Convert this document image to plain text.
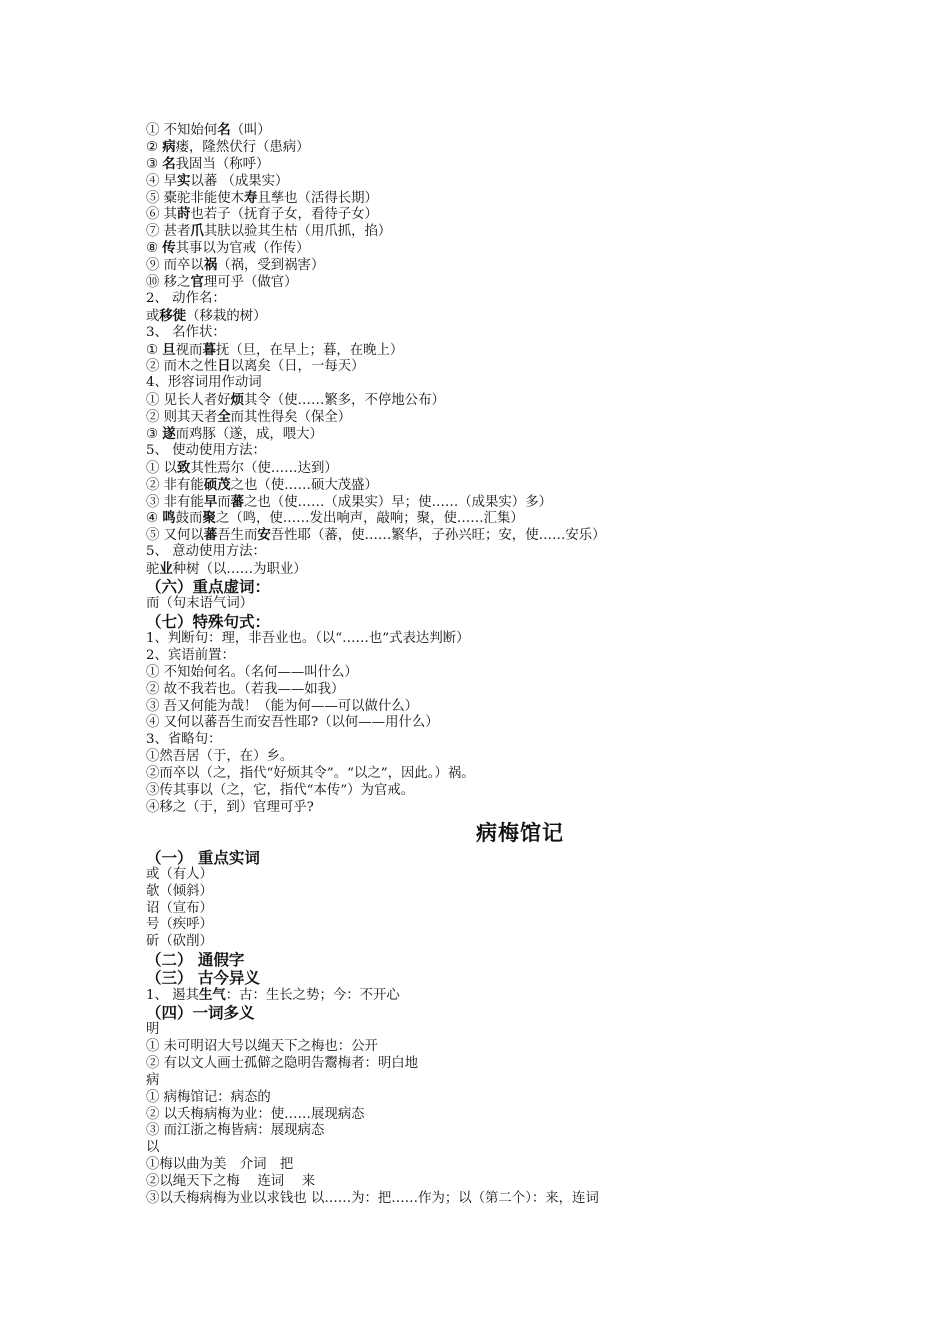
① 不知始何名（叫）
② 病瘘，隆然伏行（患病）
③ 名我固当（称呼）
④ 早实以蕃 （成果实）
⑤ 橐驼非能使木寿且孳也（活得长期）
⑥ 其莳也若子（抚育子女，看待子女）
⑦ 甚者爪其肤以验其生枯（用爪抓，掐）
⑧ 传其事以为官戒（作传）
⑨ 而卒以祸（祸，受到祸害）
⑩ 移之官理可乎（做官）
2、 动作名：
或移徙（移栽的树）
3、 名作状：
① 旦视而暮抚（旦，在早上；暮，在晚上）
② 而木之性日以离矣（日，一每天）
4、形容词用作动词
① 见长人者好烦其令（使……繁多，不停地公布）
② 则其天者全而其性得矣（保全）
③ 遂而鸡豚（遂，成，喂大）
5、 使动使用方法：
① 以致其性焉尔（使……达到）
② 非有能硕茂之也（使……硕大茂盛）
③ 非有能早而蕃之也（使……（成果实）早；使……（成果实）多）
④ 鸣鼓而聚之（鸣，使……发出响声，敲响；聚，使……汇集）
⑤ 又何以蕃吾生而安吾性耶（蕃，使……繁华，子孙兴旺；安，使……安乐）
5、 意动使用方法：
驼业种树（以……为职业）
（六）重点虚词：
而（句末语气词）
（七）特殊句式：
1、判断句：理，非吾业也。（以“……也”式表达判断）
2、宾语前置：
① 不知始何名。（名何——叫什么）
② 故不我若也。（若我——如我）
③ 吾又何能为哉！（能为何——可以做什么）
④ 又何以蕃吾生而安吾性耶?（以何——用什么）
3、省略句：
①然吾居（于，在）乡。
②而卒以（之，指代“好烦其令”。“以之”，因此。）祸。
③传其事以（之，它，指代“本传”）为官戒。
④移之（于，到）官理可乎?
病梅馆记
（一） 重点实词
或（有人）
欹（倾斜）
诏（宣布）
号（疾呼）
斫（砍削）
（二） 通假字
（三） 古今异义
1、 遏其生气：古：生长之势；今：不开心
（四）一词多义
明
① 未可明诏大号以绳天下之梅也：公开
② 有以文人画士孤僻之隐明告鬻梅者：明白地
病
① 病梅馆记：病态的
② 以夭梅病梅为业：使……展现病态
③ 而江浙之梅皆病：展现病态
以
①梅以曲为美　介词　把
②以绳天下之梅　 连词　 来
③以夭梅病梅为业以求钱也 以……为：把……作为；以（第二个）：来，连词
